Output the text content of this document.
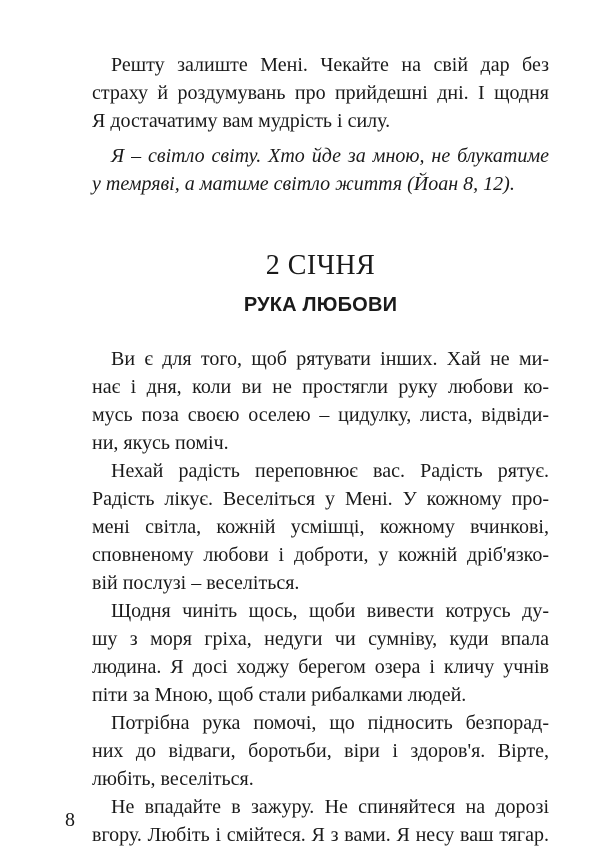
Решту залиште Мені. Чекайте на свій дар без
страху й роздумувань про прийдешні дні. І щодня
Я достачатиму вам мудрість і силу.
Я – світло світу. Хто йде за мною, не блукатиме
у темряві, а матиме світло життя (Йоан 8, 12).
2 СІЧНЯ
РУКА ЛЮБОВИ
Ви є для того, щоб рятувати інших. Хай не ми-
нає і дня, коли ви не простягли руку любови ко-
мусь поза своєю оселею – цидулку, листа, відвіди-
ни, якусь поміч.
Нехай радість переповнює вас. Радість рятує.
Радість лікує. Веселіться у Мені. У кожному про-
мені світла, кожній усмішці, кожному вчинкові,
сповненому любови і доброти, у кожній дріб'язко-
вій послузі – веселіться.
Щодня чиніть щось, щоби вивести котрусь ду-
шу з моря гріха, недуги чи сумніву, куди впала
людина. Я досі ходжу берегом озера і кличу учнів
піти за Мною, щоб стали рибалками людей.
Потрібна рука помочі, що підносить безпорад-
них до відваги, боротьби, віри і здоров'я. Вірте,
любіть, веселіться.
Не впадайте в зажуру. Не спиняйтеся на дорозі
вгору. Любіть і смійтеся. Я з вами. Я несу ваш тягар.
8
